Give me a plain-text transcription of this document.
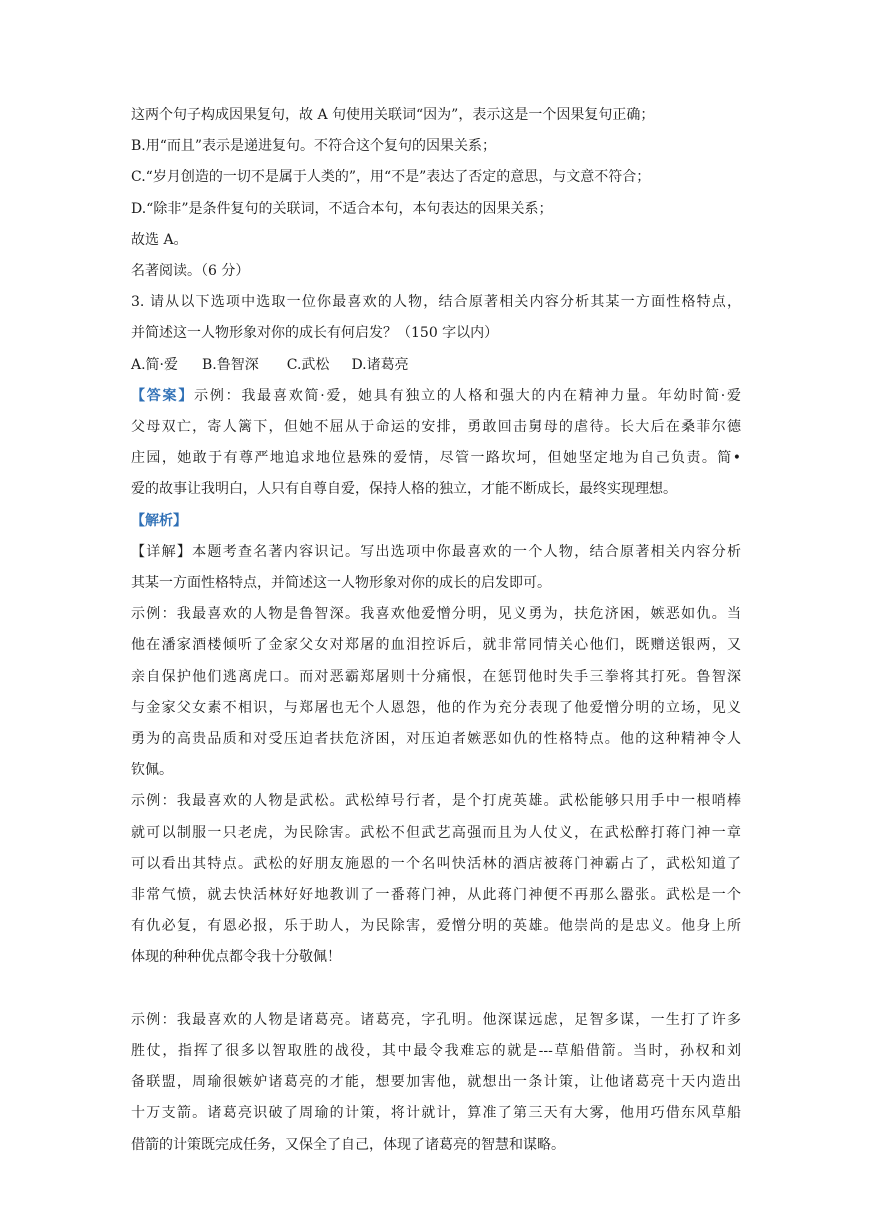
这两个句子构成因果复句，故 A 句使用关联词“因为”，表示这是一个因果复句正确；

B.用“而且”表示是递进复句。不符合这个复句的因果关系；

C.“岁月创造的一切不是属于人类的”，用“不是”表达了否定的意思，与文意不符合；

D.“除非”是条件复句的关联词，不适合本句，本句表达的因果关系；

故选 A。

名著阅读。（6 分）

3. 请从以下选项中选取一位你最喜欢的人物，结合原著相关内容分析其某一方面性格特点，

并简述这一人物形象对你的成长有何启发？（150 字以内）

A.简·爱 B.鲁智深 C.武松 D.诸葛亮

【答案】示例：我最喜欢简·爱，她具有独立的人格和强大的内在精神力量。年幼时简·爱

父母双亡，寄人篱下，但她不屈从于命运的安排，勇敢回击舅母的虐待。长大后在桑菲尔德

庄园，她敢于有尊严地追求地位悬殊的爱情，尽管一路坎坷，但她坚定地为自己负责。简•

爱的故事让我明白，人只有自尊自爱，保持人格的独立，才能不断成长，最终实现理想。

【解析】

【详解】本题考查名著内容识记。写出选项中你最喜欢的一个人物，结合原著相关内容分析

其某一方面性格特点，并简述这一人物形象对你的成长的启发即可。

示例：我最喜欢的人物是鲁智深。我喜欢他爱憎分明，见义勇为，扶危济困，嫉恶如仇。当

他在潘家酒楼倾听了金家父女对郑屠的血泪控诉后，就非常同情关心他们，既赠送银两，又

亲自保护他们逃离虎口。而对恶霸郑屠则十分痛恨，在惩罚他时失手三拳将其打死。鲁智深

与金家父女素不相识，与郑屠也无个人恩怨，他的作为充分表现了他爱憎分明的立场，见义

勇为的高贵品质和对受压迫者扶危济困，对压迫者嫉恶如仇的性格特点。他的这种精神令人

钦佩。

示例：我最喜欢的人物是武松。武松绰号行者，是个打虎英雄。武松能够只用手中一根哨棒

就可以制服一只老虎，为民除害。武松不但武艺高强而且为人仗义，在武松醉打蒋门神一章

可以看出其特点。武松的好朋友施恩的一个名叫快活林的酒店被蒋门神霸占了，武松知道了

非常气愤，就去快活林好好地教训了一番蒋门神，从此蒋门神便不再那么嚣张。武松是一个

有仇必复，有恩必报，乐于助人，为民除害，爱憎分明的英雄。他崇尚的是忠义。他身上所

体现的种种优点都令我十分敬佩！

示例：我最喜欢的人物是诸葛亮。诸葛亮，字孔明。他深谋远虑，足智多谋，一生打了许多

胜仗，指挥了很多以智取胜的战役，其中最令我难忘的就是---草船借箭。当时，孙权和刘

备联盟，周瑜很嫉妒诸葛亮的才能，想要加害他，就想出一条计策，让他诸葛亮十天内造出

十万支箭。诸葛亮识破了周瑜的计策，将计就计，算准了第三天有大雾，他用巧借东风草船

借箭的计策既完成任务，又保全了自己，体现了诸葛亮的智慧和谋略。
